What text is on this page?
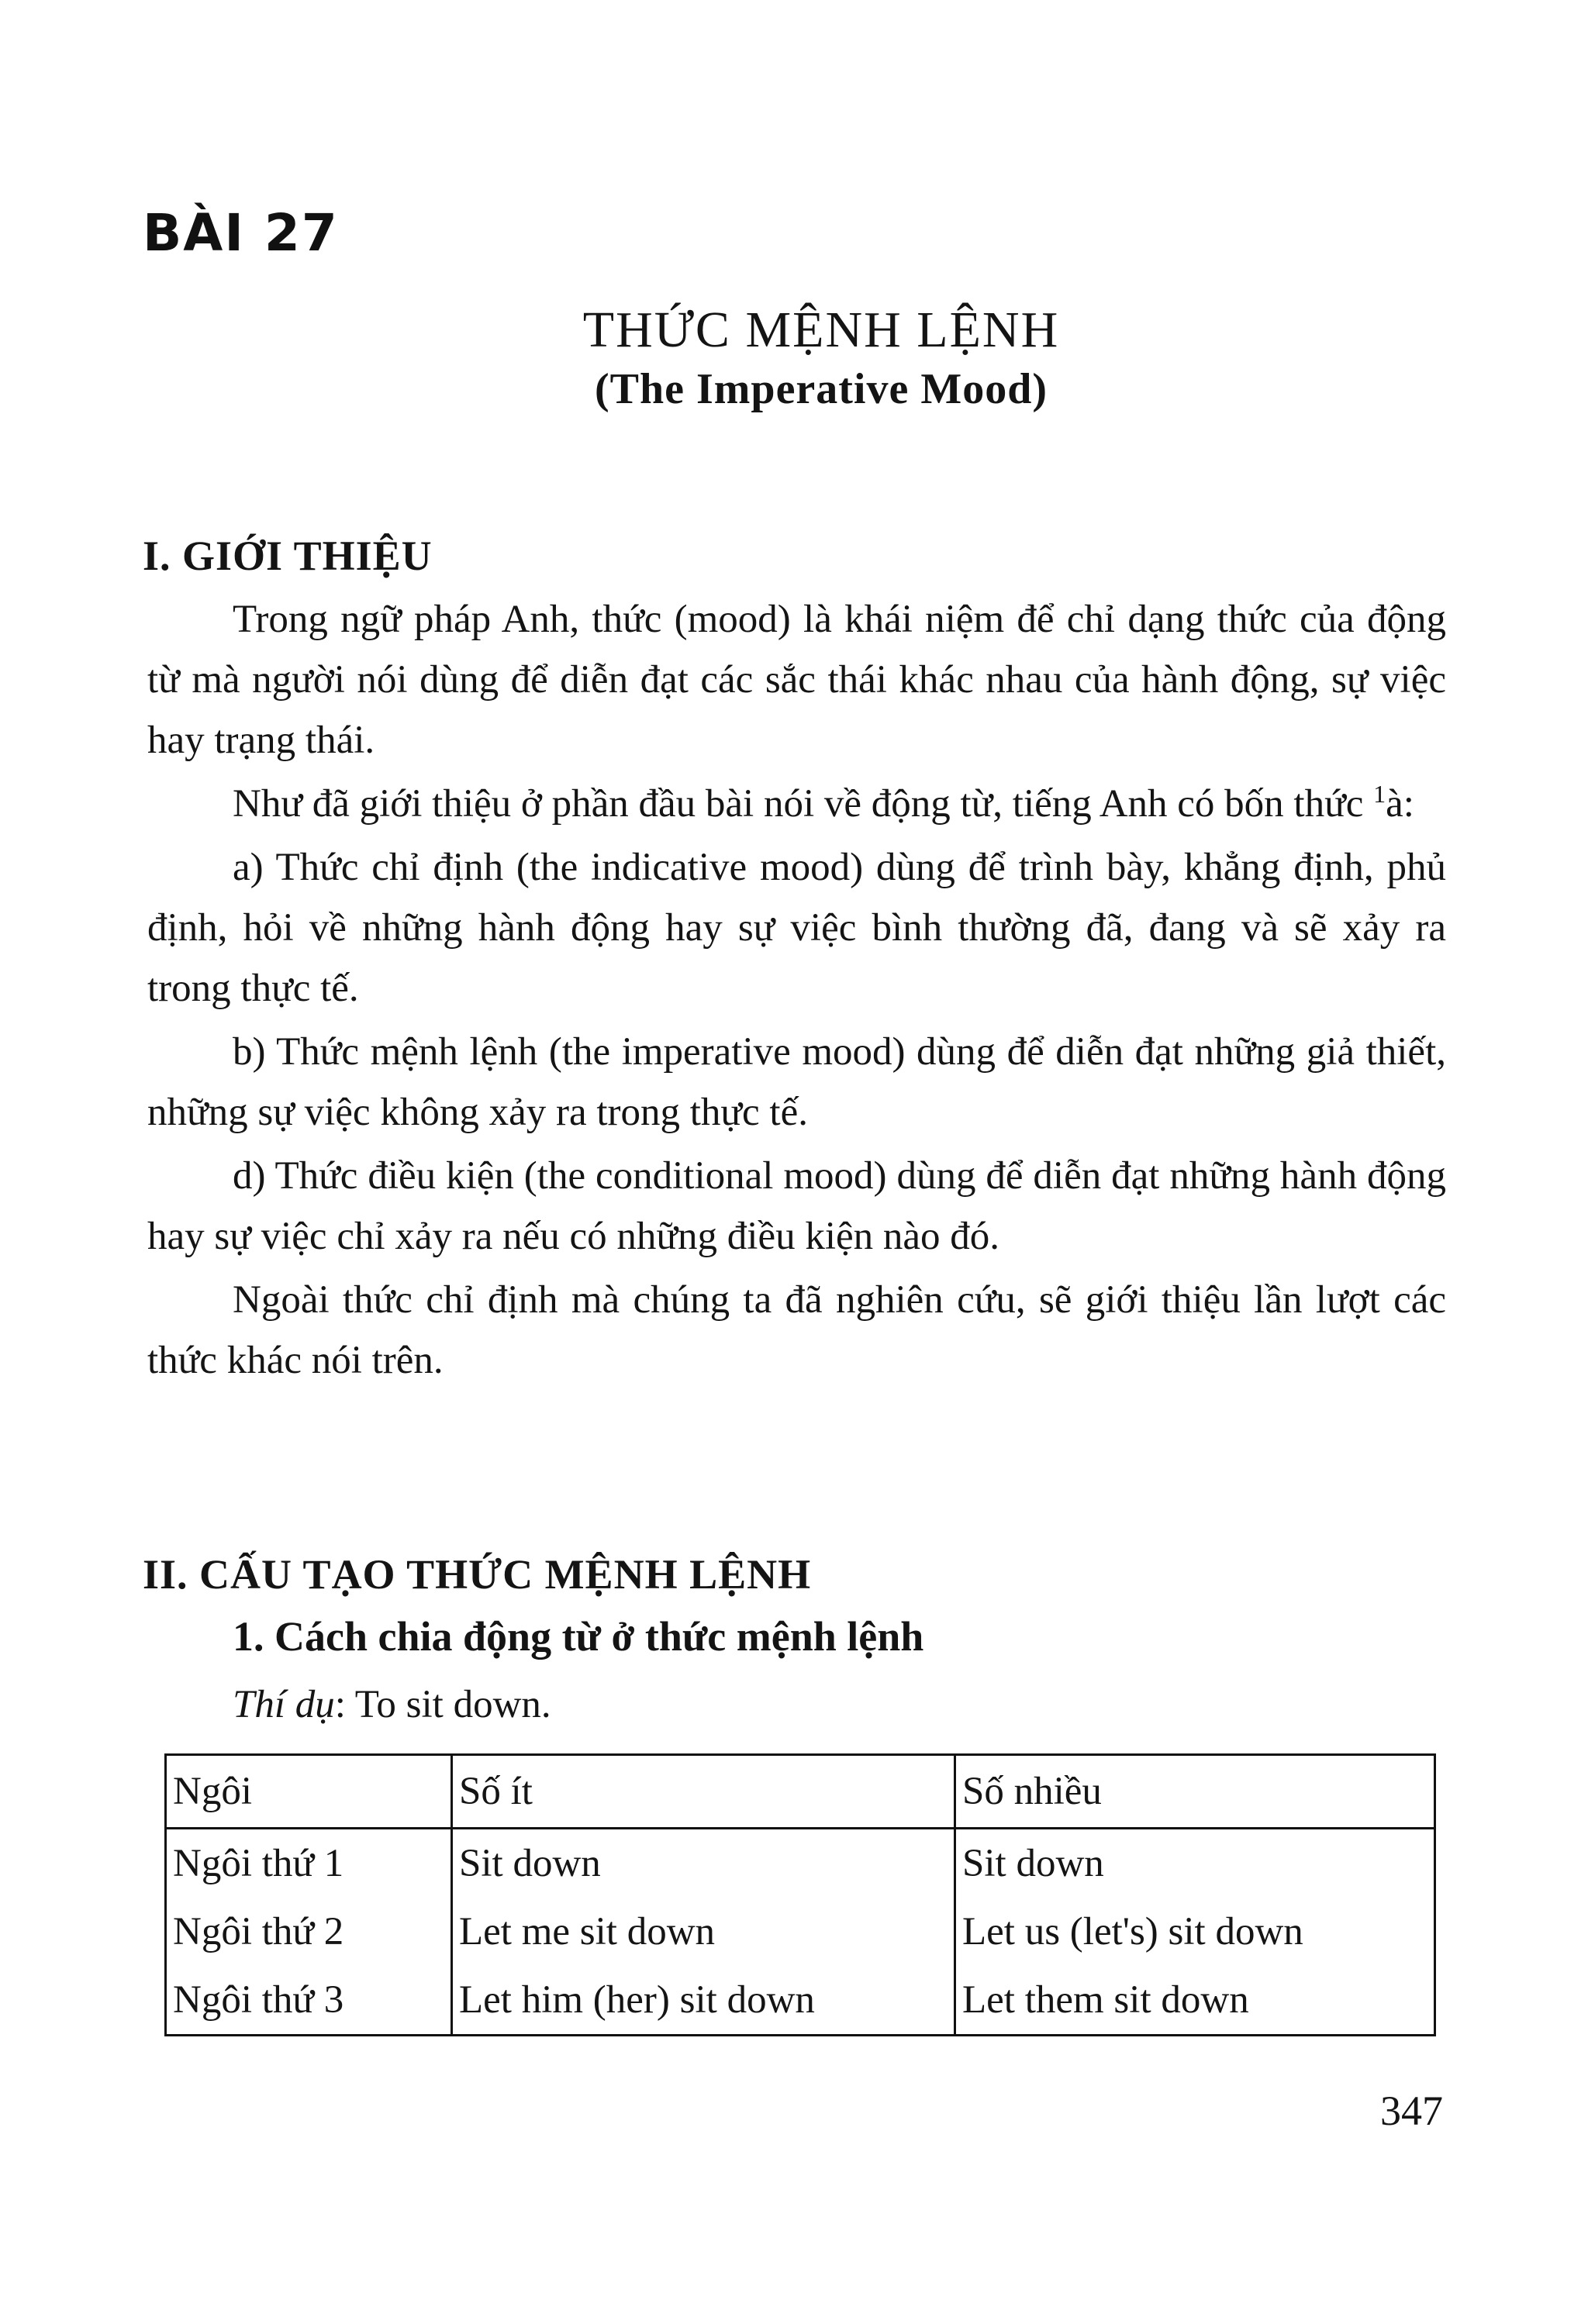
BÀI 27
THỨC MỆNH LỆNH
(The Imperative Mood)
I. GIỚI THIỆU

Trong ngữ pháp Anh, thức (mood) là khái niệm để chỉ dạng thức của động từ mà người nói dùng để diễn đạt các sắc thái khác nhau của hành động, sự việc hay trạng thái.

Như đã giới thiệu ở phần đầu bài nói về động từ, tiếng Anh có bốn thức $^1$à:

a) Thức chỉ định (the indicative mood) dùng để trình bày, khẳng định, phủ định, hỏi về những hành động hay sự việc bình thường đã, đang và sẽ xảy ra trong thực tế.

b) Thức mệnh lệnh (the imperative mood) dùng để diễn đạt những giả thiết, những sự việc không xảy ra trong thực tế.

d) Thức điều kiện (the conditional mood) dùng để diễn đạt những hành động hay sự việc chỉ xảy ra nếu có những điều kiện nào đó.

Ngoài thức chỉ định mà chúng ta đã nghiên cứu, sẽ giới thiệu lần lượt các thức khác nói trên.

II. CẤU TẠO THỨC MỆNH LỆNH
1. Cách chia động từ ở thức mệnh lệnh
Thí dụ: To sit down.
Ngôi	Số ít	Số nhiều
Ngôi thứ 1	Sit down	Sit down
Ngôi thứ 2	Let me sit down	Let us (let's) sit down
Ngôi thứ 3	Let him (her) sit down	Let them sit down
347
